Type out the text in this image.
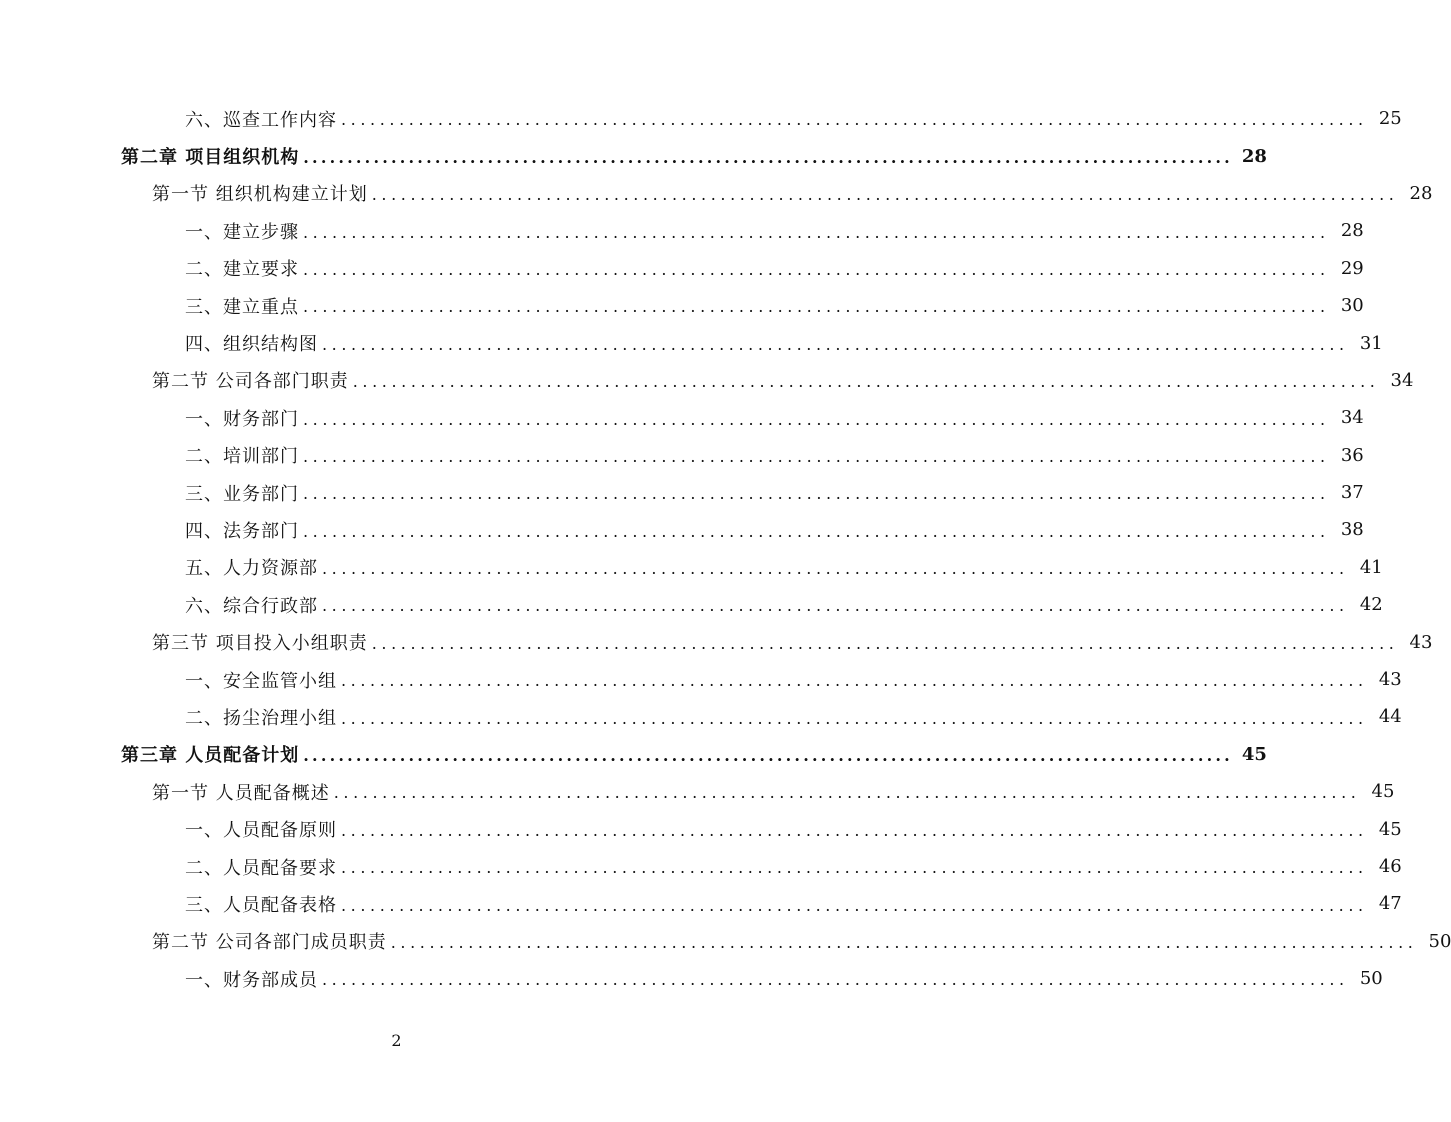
六、巡查工作内容 .......................................................................................................... 25
第二章 项目组织机构 .......................................................................................................... 28
第一节 组织机构建立计划 .......................................................................................................... 28
一、建立步骤 .......................................................................................................... 28
二、建立要求 .......................................................................................................... 29
三、建立重点 .......................................................................................................... 30
四、组织结构图 .......................................................................................................... 31
第二节 公司各部门职责 .......................................................................................................... 34
一、财务部门 .......................................................................................................... 34
二、培训部门 .......................................................................................................... 36
三、业务部门 .......................................................................................................... 37
四、法务部门 .......................................................................................................... 38
五、人力资源部 .......................................................................................................... 41
六、综合行政部 .......................................................................................................... 42
第三节 项目投入小组职责 .......................................................................................................... 43
一、安全监管小组 .......................................................................................................... 43
二、扬尘治理小组 .......................................................................................................... 44
第三章 人员配备计划 .......................................................................................................... 45
第一节 人员配备概述 .......................................................................................................... 45
一、人员配备原则 .......................................................................................................... 45
二、人员配备要求 .......................................................................................................... 46
三、人员配备表格 .......................................................................................................... 47
第二节 公司各部门成员职责 .......................................................................................................... 50
一、财务部成员 .......................................................................................................... 50
2
